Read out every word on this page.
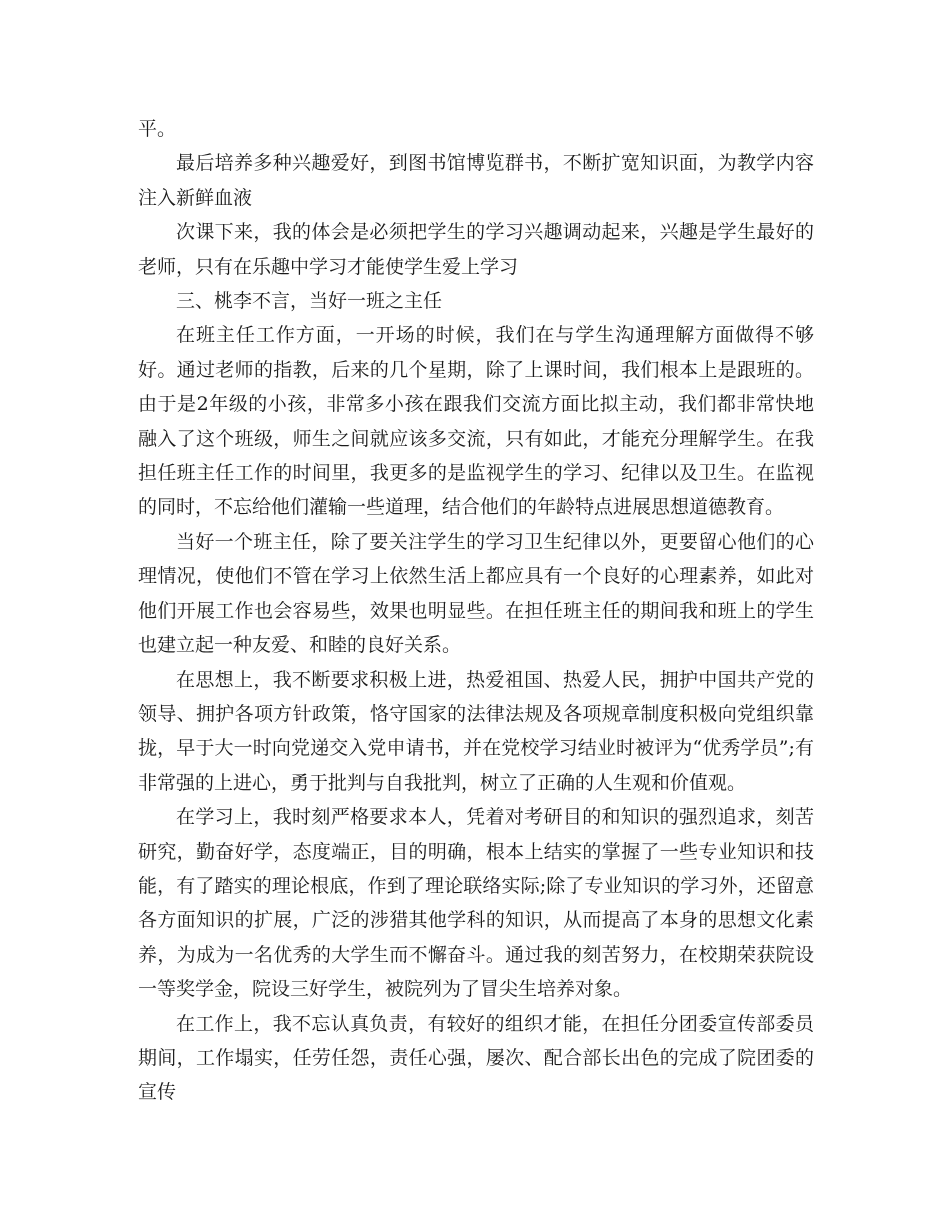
平。

最后培养多种兴趣爱好，到图书馆博览群书，不断扩宽知识面，为教学内容注入新鲜血液

次课下来，我的体会是必须把学生的学习兴趣调动起来，兴趣是学生最好的老师，只有在乐趣中学习才能使学生爱上学习

三、桃李不言，当好一班之主任

在班主任工作方面，一开场的时候，我们在与学生沟通理解方面做得不够好。通过老师的指教，后来的几个星期，除了上课时间，我们根本上是跟班的。由于是2年级的小孩，非常多小孩在跟我们交流方面比拟主动，我们都非常快地融入了这个班级，师生之间就应该多交流，只有如此，才能充分理解学生。在我担任班主任工作的时间里，我更多的是监视学生的学习、纪律以及卫生。在监视的同时，不忘给他们灌输一些道理，结合他们的年龄特点进展思想道德教育。

当好一个班主任，除了要关注学生的学习卫生纪律以外，更要留心他们的心理情况，使他们不管在学习上依然生活上都应具有一个良好的心理素养，如此对他们开展工作也会容易些，效果也明显些。在担任班主任的期间我和班上的学生也建立起一种友爱、和睦的良好关系。

在思想上，我不断要求积极上进，热爱祖国、热爱人民，拥护中国共产党的领导、拥护各项方针政策，恪守国家的法律法规及各项规章制度积极向党组织靠拢，早于大一时向党递交入党申请书，并在党校学习结业时被评为“优秀学员”;有非常强的上进心，勇于批判与自我批判，树立了正确的人生观和价值观。

在学习上，我时刻严格要求本人，凭着对考研目的和知识的强烈追求，刻苦研究，勤奋好学，态度端正，目的明确，根本上结实的掌握了一些专业知识和技能，有了踏实的理论根底，作到了理论联络实际;除了专业知识的学习外，还留意各方面知识的扩展，广泛的涉猎其他学科的知识，从而提高了本身的思想文化素养，为成为一名优秀的大学生而不懈奋斗。通过我的刻苦努力，在校期荣获院设一等奖学金，院设三好学生，被院列为了冒尖生培养对象。

在工作上，我不忘认真负责，有较好的组织才能，在担任分团委宣传部委员期间，工作塌实，任劳任怨，责任心强，屡次、配合部长出色的完成了院团委的宣传
